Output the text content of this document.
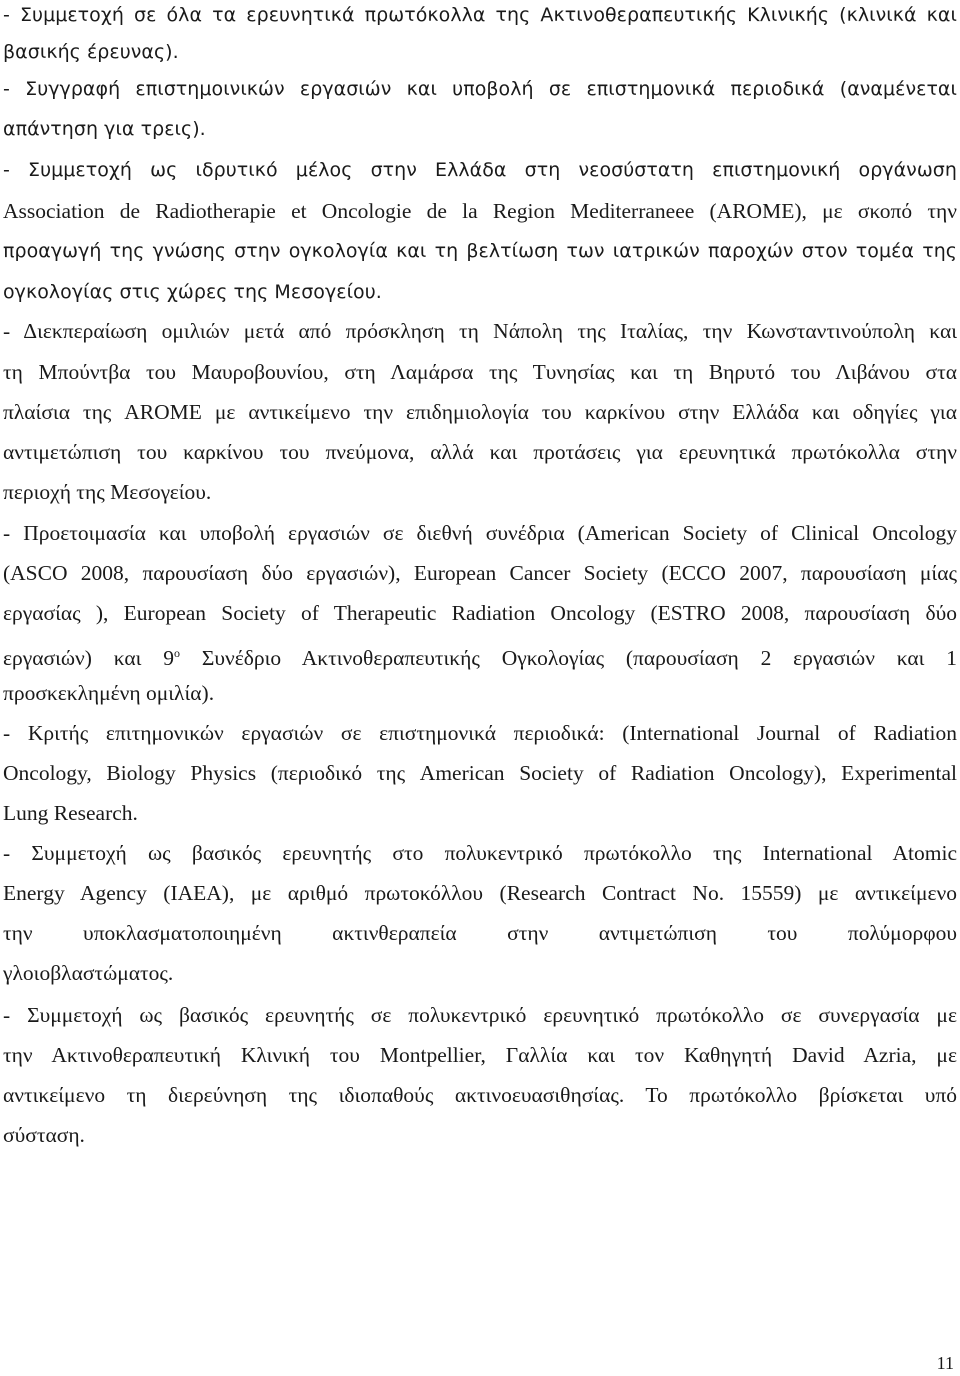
- Συμμετοχή σε όλα τα ερευνητικά πρωτόκολλα της Ακτινοθεραπευτικής Κλινικής (κλινικά και
βασικής έρευνας).
- Συγγραφή επιστημοινικών εργασιών και υποβολή σε επιστημονικά περιοδικά (αναμένεται
απάντηση για τρεις).
- Συμμετοχή ως ιδρυτικό μέλος στην Ελλάδα στη νεοσύστατη επιστημονική οργάνωση
Association de Radiotherapie et Oncologie de la Region Mediterraneee (AROME), με σκοπό την
προαγωγή της γνώσης στην ογκολογία και τη βελτίωση των ιατρικών παροχών στον τομέα της
ογκολογίας στις χώρες της Μεσογείου.
- Διεκπεραίωση ομιλιών μετά από πρόσκληση τη Νάπολη της Ιταλίας, την Κωνσταντινούπολη και
τη Μπούντβα του Μαυροβουνίου, στη Λαμάρσα της Τυνησίας και τη Βηρυτό του Λιβάνου στα
πλαίσια της AROME με αντικείμενο την επιδημιολογία του καρκίνου στην Ελλάδα και οδηγίες για
αντιμετώπιση του καρκίνου του πνεύμονα, αλλά και προτάσεις για ερευνητικά πρωτόκολλα στην
περιοχή της Μεσογείου.
- Προετοιμασία και υποβολή εργασιών σε διεθνή συνέδρια (American Society of Clinical Oncology
(ASCO 2008, παρουσίαση δύο εργασιών), European Cancer Society (ECCO 2007, παρουσίαση μίας
εργασίας ), European Society of Therapeutic Radiation Oncology (ESTRO 2008, παρουσίαση δύο
εργασιών) και $9^o$ Συνέδριο Ακτινοθεραπευτικής Ογκολογίας (παρουσίαση 2 εργασιών και 1
προσκεκλημένη ομιλία).
- Κριτής επιτημονικών εργασιών σε επιστημονικά περιοδικά: (International Journal of Radiation
Oncology, Biology Physics (περιοδικό της American Society of Radiation Oncology), Experimental
Lung Research.
- Συμμετοχή ως βασικός ερευνητής στο πολυκεντρικό πρωτόκολλο της International Atomic
Energy Agency (IAEA), με αριθμό πρωτοκόλλου (Research Contract No. 15559) με αντικείμενο
την υποκλασματοποιημένη ακτινθεραπεία στην αντιμετώπιση του πολύμορφου
γλοιοβλαστώματος.
- Συμμετοχή ως βασικός ερευνητής σε πολυκεντρικό ερευνητικό πρωτόκολλο σε συνεργασία με
την Ακτινοθεραπευτική Κλινική του Montpellier, Γαλλία και τον Καθηγητή David Azria, με
αντικείμενο τη διερεύνηση της ιδιοπαθούς ακτινοευασιθησίας. Το πρωτόκολλο βρίσκεται υπό
σύσταση.
11
